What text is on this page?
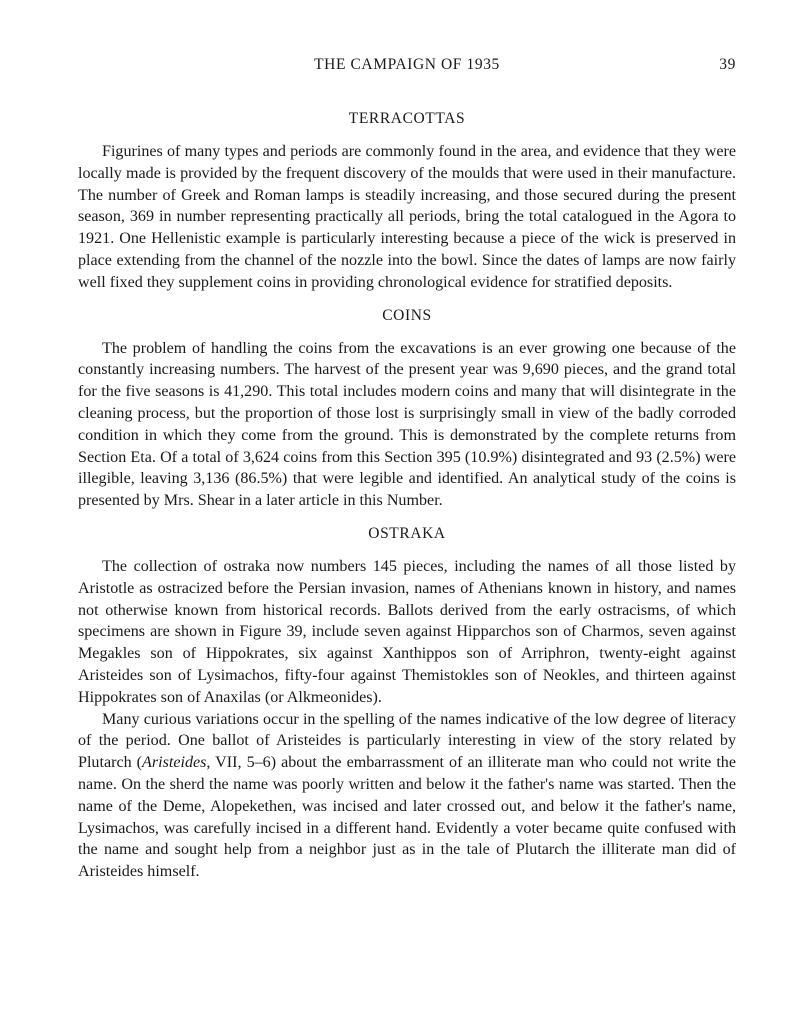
THE CAMPAIGN OF 1935	39
TERRACOTTAS

Figurines of many types and periods are commonly found in the area, and evidence that they were locally made is provided by the frequent discovery of the moulds that were used in their manufacture. The number of Greek and Roman lamps is steadily increasing, and those secured during the present season, 369 in number representing practically all periods, bring the total catalogued in the Agora to 1921. One Hellenistic example is particularly interesting because a piece of the wick is preserved in place extending from the channel of the nozzle into the bowl. Since the dates of lamps are now fairly well fixed they supplement coins in providing chronological evidence for stratified deposits.

COINS

The problem of handling the coins from the excavations is an ever growing one because of the constantly increasing numbers. The harvest of the present year was 9,690 pieces, and the grand total for the five seasons is 41,290. This total includes modern coins and many that will disintegrate in the cleaning process, but the proportion of those lost is surprisingly small in view of the badly corroded condition in which they come from the ground. This is demonstrated by the complete returns from Section Eta. Of a total of 3,624 coins from this Section 395 (10.9%) disintegrated and 93 (2.5%) were illegible, leaving 3,136 (86.5%) that were legible and identified. An analytical study of the coins is presented by Mrs. Shear in a later article in this Number.

OSTRAKA

The collection of ostraka now numbers 145 pieces, including the names of all those listed by Aristotle as ostracized before the Persian invasion, names of Athenians known in history, and names not otherwise known from historical records. Ballots derived from the early ostracisms, of which specimens are shown in Figure 39, include seven against Hipparchos son of Charmos, seven against Megakles son of Hippokrates, six against Xanthippos son of Arriphron, twenty-eight against Aristeides son of Lysimachos, fifty-four against Themistokles son of Neokles, and thirteen against Hippokrates son of Anaxilas (or Alkmeonides).

Many curious variations occur in the spelling of the names indicative of the low degree of literacy of the period. One ballot of Aristeides is particularly interesting in view of the story related by Plutarch (Aristeides, VII, 5–6) about the embarrassment of an illiterate man who could not write the name. On the sherd the name was poorly written and below it the father's name was started. Then the name of the Deme, Alopekethen, was incised and later crossed out, and below it the father's name, Lysimachos, was carefully incised in a different hand. Evidently a voter became quite confused with the name and sought help from a neighbor just as in the tale of Plutarch the illiterate man did of Aristeides himself.
